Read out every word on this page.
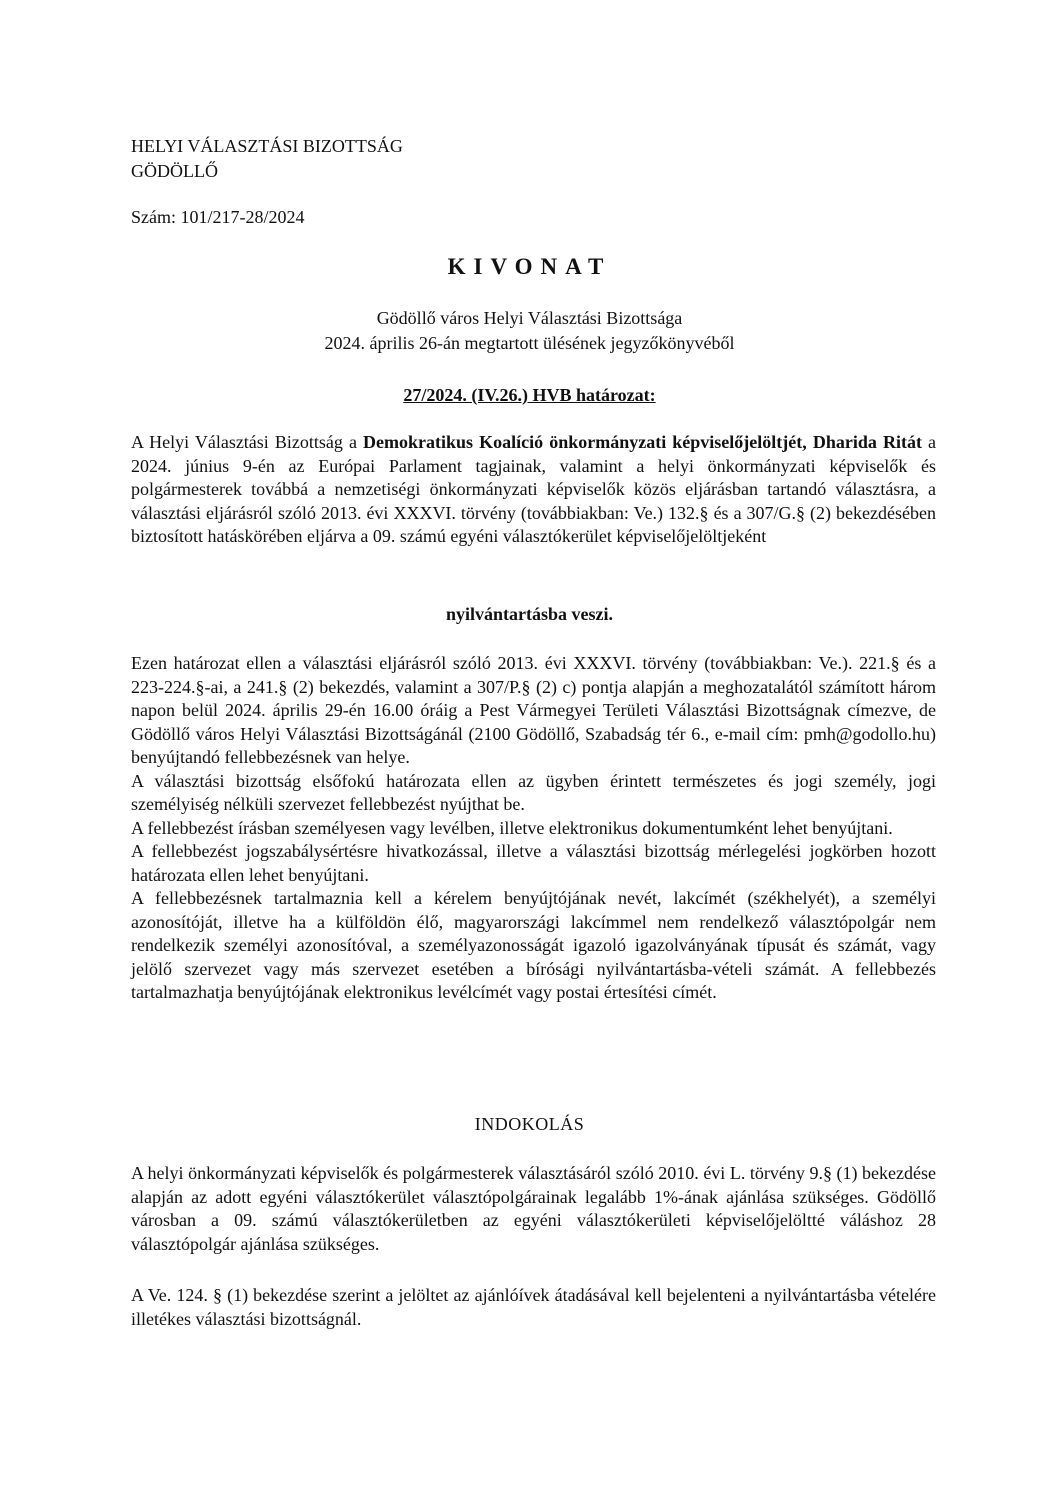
HELYI VÁLASZTÁSI BIZOTTSÁG
GÖDÖLLŐ
Szám: 101/217-28/2024
KIVONAT
Gödöllő város Helyi Választási Bizottsága
2024. április 26-án megtartott ülésének jegyzőkönyvéből
27/2024. (IV.26.) HVB határozat:

A Helyi Választási Bizottság a Demokratikus Koalíció önkormányzati képviselőjelöltjét, Dharida Ritát a 2024. június 9-én az Európai Parlament tagjainak, valamint a helyi önkormányzati képviselők és polgármesterek továbbá a nemzetiségi önkormányzati képviselők közös eljárásban tartandó választásra, a választási eljárásról szóló 2013. évi XXXVI. törvény (továbbiakban: Ve.) 132.§ és a 307/G.§ (2) bekezdésében biztosított hatáskörében eljárva a 09. számú egyéni választókerület képviselőjelöltjeként

nyilvántartásba veszi.

Ezen határozat ellen a választási eljárásról szóló 2013. évi XXXVI. törvény (továbbiakban: Ve.). 221.§ és a 223-224.§-ai, a 241.§ (2) bekezdés, valamint a 307/P.§ (2) c) pontja alapján a meghozatalától számított három napon belül 2024. április 29-én 16.00 óráig a Pest Vármegyei Területi Választási Bizottságnak címezve, de Gödöllő város Helyi Választási Bizottságánál (2100 Gödöllő, Szabadság tér 6., e-mail cím: pmh@godollo.hu) benyújtandó fellebbezésnek van helye.

A választási bizottság elsőfokú határozata ellen az ügyben érintett természetes és jogi személy, jogi személyiség nélküli szervezet fellebbezést nyújthat be.

A fellebbezést írásban személyesen vagy levélben, illetve elektronikus dokumentumként lehet benyújtani.

A fellebbezést jogszabálysértésre hivatkozással, illetve a választási bizottság mérlegelési jogkörben hozott határozata ellen lehet benyújtani.

A fellebbezésnek tartalmaznia kell a kérelem benyújtójának nevét, lakcímét (székhelyét), a személyi azonosítóját, illetve ha a külföldön élő, magyarországi lakcímmel nem rendelkező választópolgár nem rendelkezik személyi azonosítóval, a személyazonosságát igazoló igazolványának típusát és számát, vagy jelölő szervezet vagy más szervezet esetében a bírósági nyilvántartásba-vételi számát. A fellebbezés tartalmazhatja benyújtójának elektronikus levélcímét vagy postai értesítési címét.

INDOKOLÁS

A helyi önkormányzati képviselők és polgármesterek választásáról szóló 2010. évi L. törvény 9.§ (1) bekezdése alapján az adott egyéni választókerület választópolgárainak legalább 1%-ának ajánlása szükséges. Gödöllő városban a 09. számú választókerületben az egyéni választókerületi képviselőjelöltté váláshoz 28 választópolgár ajánlása szükséges.

A Ve. 124. § (1) bekezdése szerint a jelöltet az ajánlóívek átadásával kell bejelenteni a nyilvántartásba vételére illetékes választási bizottságnál.
